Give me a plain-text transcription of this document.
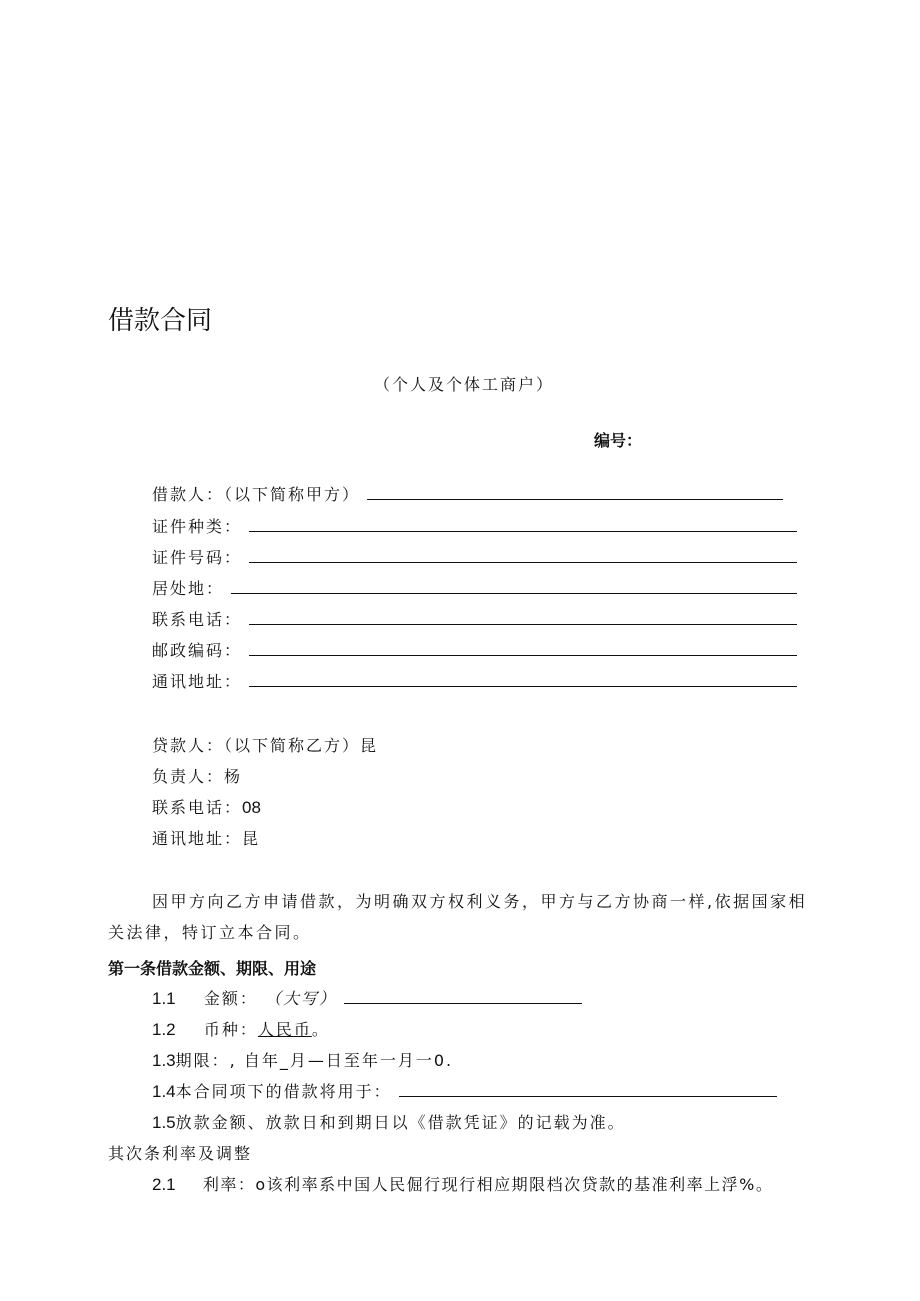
借款合同
（个人及个体工商户）
编号：
借款人：（以下简称甲方）
证件种类：
证件号码：
居处地：
联系电话：
邮政编码：
通讯地址：
贷款人：（以下简称乙方）昆
负责人：杨
联系电话：08
通讯地址：昆
因甲方向乙方申请借款，为明确双方权利义务，甲方与乙方协商一样,依据国家相关法律，特订立本合同。
第一条借款金额、期限、用途
1.1 金额： （大写）
1.2 币种：人民币。
1.3期限：, 自年_月—日至年一月一0.
1.4本合同项下的借款将用于：
1.5放款金额、放款日和到期日以《借款凭证》的记载为准。
其次条利率及调整
2.1 利率：o该利率系中国人民倔行现行相应期限档次贷款的基准利率上浮%。
